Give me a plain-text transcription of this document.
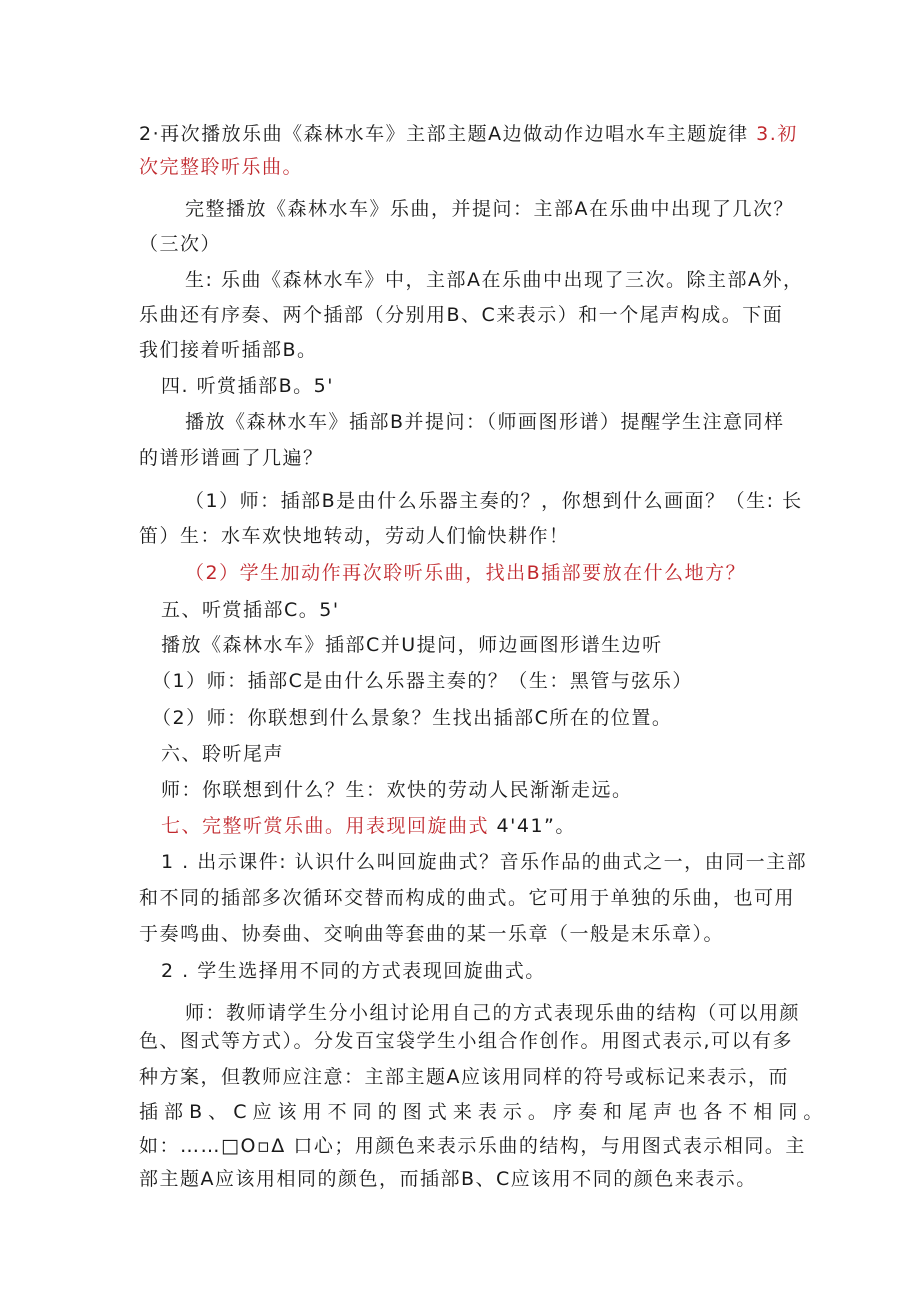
2·再次播放乐曲《森林水车》主部主题A边做动作边唱水车主题旋律 3.初
次完整聆听乐曲。
完整播放《森林水车》乐曲，并提问：主部A在乐曲中出现了几次？
（三次）
生: 乐曲《森林水车》中，主部A在乐曲中出现了三次。除主部A外，
乐曲还有序奏、两个插部（分别用B、C来表示）和一个尾声构成。下面
我们接着听插部B。
四. 听赏插部B。5'
播放《森林水车》插部B并提问：（师画图形谱）提醒学生注意同样
的谱形谱画了几遍？
（1）师：插部B是由什么乐器主奏的？，你想到什么画面？（生: 长
笛）生：水车欢快地转动，劳动人们愉快耕作！
（2）学生加动作再次聆听乐曲，找出B插部要放在什么地方？
五、听赏插部C。5'
播放《森林水车》插部C并U提问，师边画图形谱生边听
（1）师：插部C是由什么乐器主奏的？（生：黑管与弦乐）
（2）师：你联想到什么景象？生找出插部C所在的位置。
六、聆听尾声
师：你联想到什么？生：欢快的劳动人民渐渐走远。
七、完整听赏乐曲。用表现回旋曲式 4'41”。
1 . 出示课件: 认识什么叫回旋曲式？音乐作品的曲式之一，由同一主部
和不同的插部多次循环交替而构成的曲式。它可用于单独的乐曲，也可用
于奏鸣曲、协奏曲、交响曲等套曲的某一乐章（一般是末乐章）。
2 . 学生选择用不同的方式表现回旋曲式。
师：教师请学生分小组讨论用自己的方式表现乐曲的结构（可以用颜
色、图式等方式）。分发百宝袋学生小组合作创作。用图式表示,可以有多
种方案，但教师应注意：主部主题A应该用同样的符号或标记来表示，而
插 部 B 、 C 应 该 用 不 同 的 图 式 来 表 示 。 序 奏 和 尾 声 也 各 不 相 同 。
如：……□O▫Δ 口心；用颜色来表示乐曲的结构，与用图式表示相同。主
部主题A应该用相同的颜色，而插部B、C应该用不同的颜色来表示。
